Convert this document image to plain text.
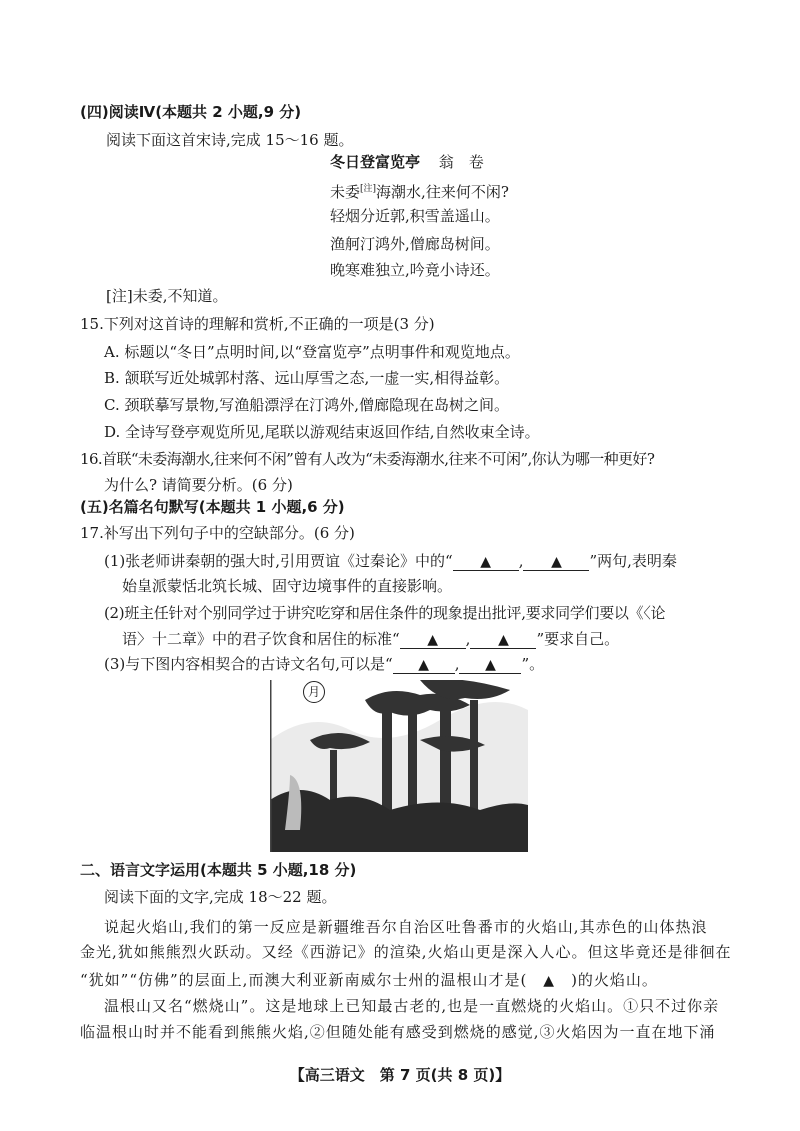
(四)阅读Ⅳ(本题共 2 小题,9 分)
阅读下面这首宋诗,完成 15～16 题。
冬日登富览亭 翁　卷
未委[注]海潮水,往来何不闲?
轻烟分近郭,积雪盖遥山。
渔舸汀鸿外,僧廊岛树间。
晚寒难独立,吟竟小诗还。
[注]未委,不知道。
15.下列对这首诗的理解和赏析,不正确的一项是(3 分)
A. 标题以“冬日”点明时间,以“登富览亭”点明事件和观览地点。
B. 颔联写近处城郭村落、远山厚雪之态,一虚一实,相得益彰。
C. 颈联摹写景物,写渔船漂浮在汀鸿外,僧廊隐现在岛树之间。
D. 全诗写登亭观览所见,尾联以游观结束返回作结,自然收束全诗。
16.首联“未委海潮水,往来何不闲”曾有人改为“未委海潮水,往来不可闲”,你认为哪一种更好?
为什么? 请简要分析。(6 分)
(五)名篇名句默写(本题共 1 小题,6 分)
17.补写出下列句子中的空缺部分。(6 分)
(1)张老师讲秦朝的强大时,引用贾谊《过秦论》中的“ ▲ , ▲ ”两句,表明秦
始皇派蒙恬北筑长城、固守边境事件的直接影响。
(2)班主任针对个别同学过于讲究吃穿和居住条件的现象提出批评,要求同学们要以《〈论
语〉十二章》中的君子饮食和居住的标准“ ▲ , ▲ ”要求自己。
(3)与下图内容相契合的古诗文名句,可以是“ ▲ , ▲ ”。
月
二、语言文字运用(本题共 5 小题,18 分)
阅读下面的文字,完成 18～22 题。
说起火焰山,我们的第一反应是新疆维吾尔自治区吐鲁番市的火焰山,其赤色的山体热浪
金光,犹如熊熊烈火跃动。又经《西游记》的渲染,火焰山更是深入人心。但这毕竟还是徘徊在
“犹如”“仿佛”的层面上,而澳大利亚新南威尔士州的温根山才是(　▲　)的火焰山。
温根山又名“燃烧山”。这是地球上已知最古老的,也是一直燃烧的火焰山。①只不过你亲
临温根山时并不能看到熊熊火焰,②但随处能有感受到燃烧的感觉,③火焰因为一直在地下涌
【高三语文　第 7 页(共 8 页)】
